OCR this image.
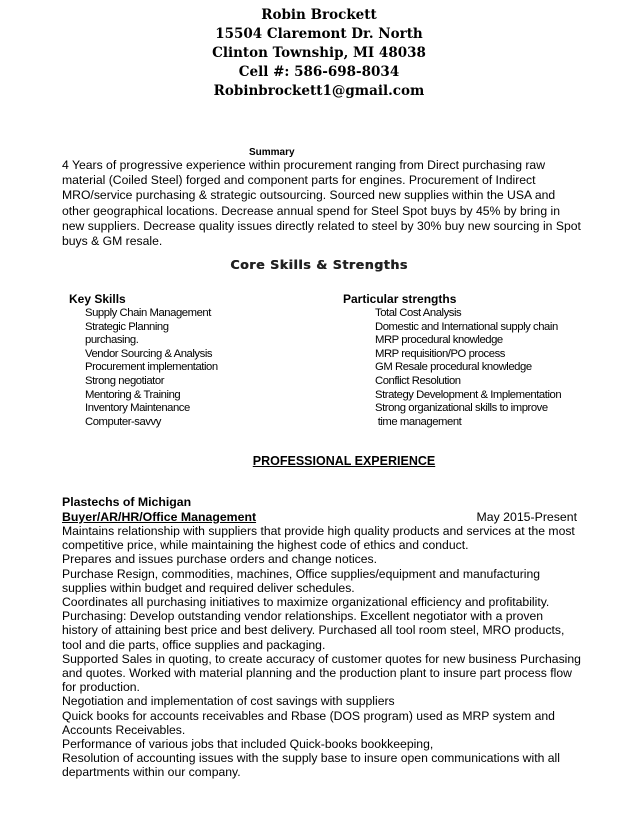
Robin Brockett
15504 Claremont Dr. North
Clinton Township, MI 48038
Cell #: 586-698-8034
Robinbrockett1@gmail.com
Summary
4 Years of progressive experience within procurement ranging from Direct purchasing raw material (Coiled Steel) forged and component parts for engines. Procurement of Indirect MRO/service purchasing & strategic outsourcing. Sourced new supplies within the USA and other geographical locations. Decrease annual spend for Steel Spot buys by 45% by bring in new suppliers. Decrease quality issues directly related to steel by 30% buy new sourcing in Spot buys & GM resale.
Core Skills & Strengths
Key Skills	Particular strengths
Supply Chain Management
Strategic Planning
purchasing.
Vendor Sourcing & Analysis
Procurement implementation
Strong negotiator
Mentoring & Training
Inventory Maintenance
Computer-savvy
Total Cost Analysis
Domestic and International supply chain
MRP procedural knowledge
MRP requisition/PO process
GM Resale procedural knowledge
Conflict Resolution
Strategy Development & Implementation
Strong organizational skills to improve
time management
PROFESSIONAL EXPERIENCE
Plastechs of Michigan
Buyer/AR/HR/Office Management	May 2015-Present

Maintains relationship with suppliers that provide high quality products and services at the most competitive price, while maintaining the highest code of ethics and conduct.

Prepares and issues purchase orders and change notices.

Purchase Resign, commodities, machines, Office supplies/equipment and manufacturing supplies within budget and required deliver schedules.

Coordinates all purchasing initiatives to maximize organizational efficiency and profitability.

Purchasing: Develop outstanding vendor relationships. Excellent negotiator with a proven history of attaining best price and best delivery. Purchased all tool room steel, MRO products, tool and die parts, office supplies and packaging.

Supported Sales in quoting, to create accuracy of customer quotes for new business Purchasing and quotes. Worked with material planning and the production plant to insure part process flow for production.

Negotiation and implementation of cost savings with suppliers

Quick books for accounts receivables and Rbase (DOS program) used as MRP system and Accounts Receivables.

Performance of various jobs that included Quick-books bookkeeping,

Resolution of accounting issues with the supply base to insure open communications with all departments within our company.
